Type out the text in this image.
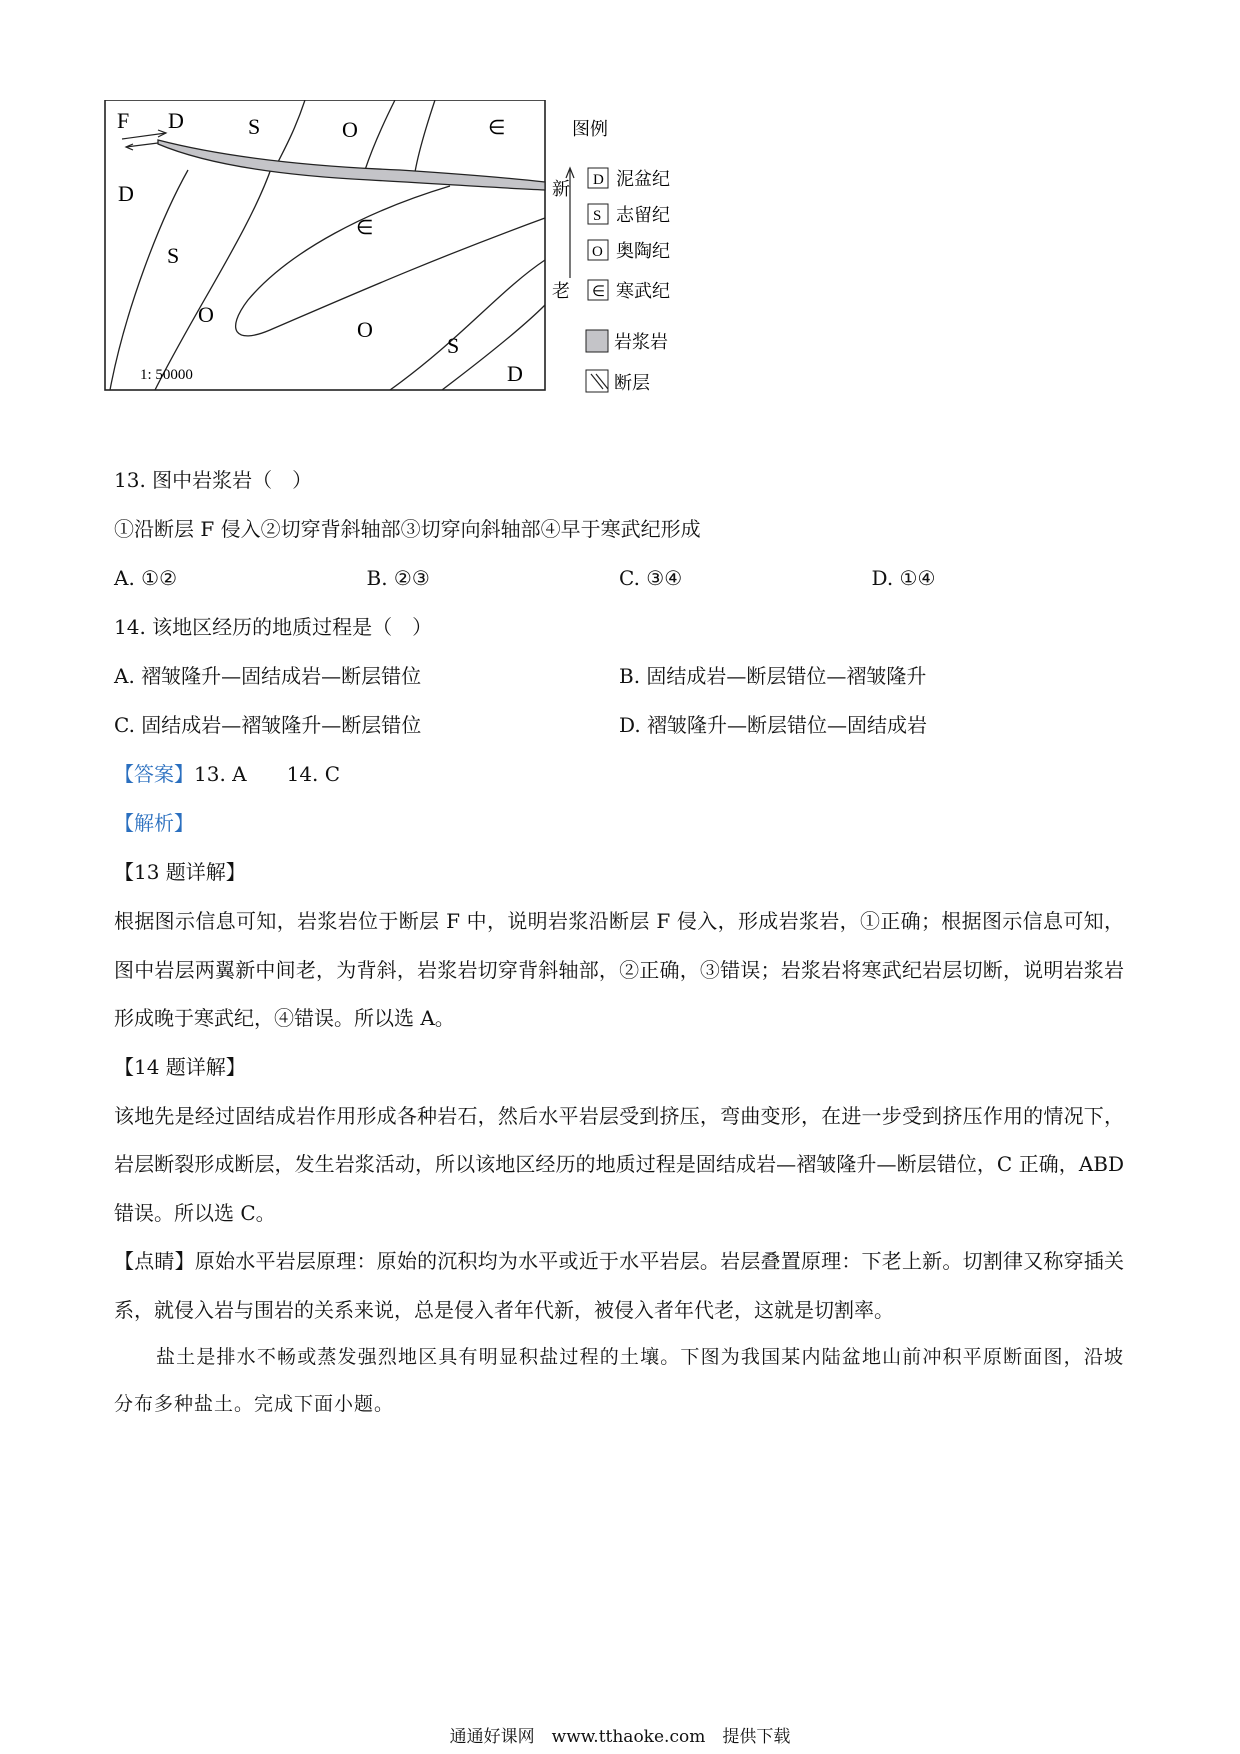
F D	S	O	∈
D
∈
S
O
O
S
D
1: 50000
图例
新
老
D 泥盆纪
S 志留纪
O 奥陶纪
∈ 寒武纪
岩浆岩
断层
13. 图中岩浆岩（　）
①沿断层 F 侵入②切穿背斜轴部③切穿向斜轴部④早于寒武纪形成
A. ①②	B. ②③	C. ③④	D. ①④
14. 该地区经历的地质过程是（　）
A. 褶皱隆升—固结成岩—断层错位	B. 固结成岩—断层错位—褶皱隆升
C. 固结成岩—褶皱隆升—断层错位	D. 褶皱隆升—断层错位—固结成岩
【答案】13. A　　14. C
【解析】
【13 题详解】
根据图示信息可知，岩浆岩位于断层 F 中，说明岩浆沿断层 F 侵入，形成岩浆岩，①正确；根据图示信息可知，图中岩层两翼新中间老，为背斜，岩浆岩切穿背斜轴部，②正确，③错误；岩浆岩将寒武纪岩层切断，说明岩浆岩形成晚于寒武纪，④错误。所以选 A。
【14 题详解】
该地先是经过固结成岩作用形成各种岩石，然后水平岩层受到挤压，弯曲变形，在进一步受到挤压作用的情况下，岩层断裂形成断层，发生岩浆活动，所以该地区经历的地质过程是固结成岩—褶皱隆升—断层错位，C 正确，ABD 错误。所以选 C。
【点睛】原始水平岩层原理：原始的沉积均为水平或近于水平岩层。岩层叠置原理：下老上新。切割律又称穿插关系，就侵入岩与围岩的关系来说，总是侵入者年代新，被侵入者年代老，这就是切割率。
盐土是排水不畅或蒸发强烈地区具有明显积盐过程的土壤。下图为我国某内陆盆地山前冲积平原断面图，沿坡分布多种盐土。完成下面小题。
通通好课网　www.tthaoke.com　提供下载
